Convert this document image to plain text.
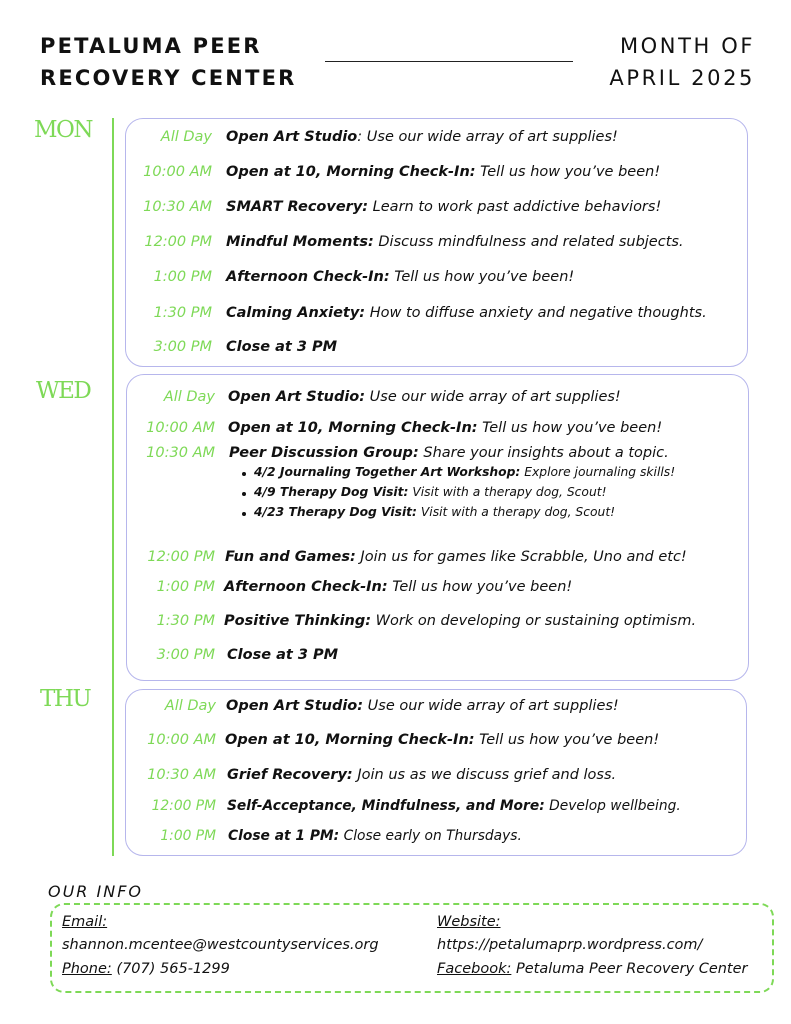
PETALUMA PEER
RECOVERY CENTER
MONTH OF
APRIL 2025
MON	All Day Open Art Studio: Use our wide array of art supplies!
10:00 AM Open at 10, Morning Check-In: Tell us how you’ve been!
10:30 AM SMART Recovery: Learn to work past addictive behaviors!
12:00 PM Mindful Moments: Discuss mindfulness and related subjects.
1:00 PM Afternoon Check-In: Tell us how you’ve been!
1:30 PM Calming Anxiety: How to diffuse anxiety and negative thoughts.
3:00 PM Close at 3 PM
WED	All Day Open Art Studio: Use our wide array of art supplies!
10:00 AM Open at 10, Morning Check-In: Tell us how you’ve been!
10:30 AM Peer Discussion Group: Share your insights about a topic.
4/2 Journaling Together Art Workshop: Explore journaling skills!
4/9 Therapy Dog Visit: Visit with a therapy dog, Scout!
4/23 Therapy Dog Visit: Visit with a therapy dog, Scout!
12:00 PM Fun and Games: Join us for games like Scrabble, Uno and etc!
1:00 PM Afternoon Check-In: Tell us how you’ve been!
1:30 PM Positive Thinking: Work on developing or sustaining optimism.
3:00 PM Close at 3 PM
THU	All Day Open Art Studio: Use our wide array of art supplies!
10:00 AM Open at 10, Morning Check-In: Tell us how you’ve been!
10:30 AM Grief Recovery: Join us as we discuss grief and loss.
12:00 PM Self-Acceptance, Mindfulness, and More: Develop wellbeing.
1:00 PM Close at 1 PM: Close early on Thursdays.
OUR INFO
Email:
shannon.mcentee@westcountyservices.org
Phone: (707) 565-1299
Website:
https://petalumaprp.wordpress.com/
Facebook: Petaluma Peer Recovery Center
